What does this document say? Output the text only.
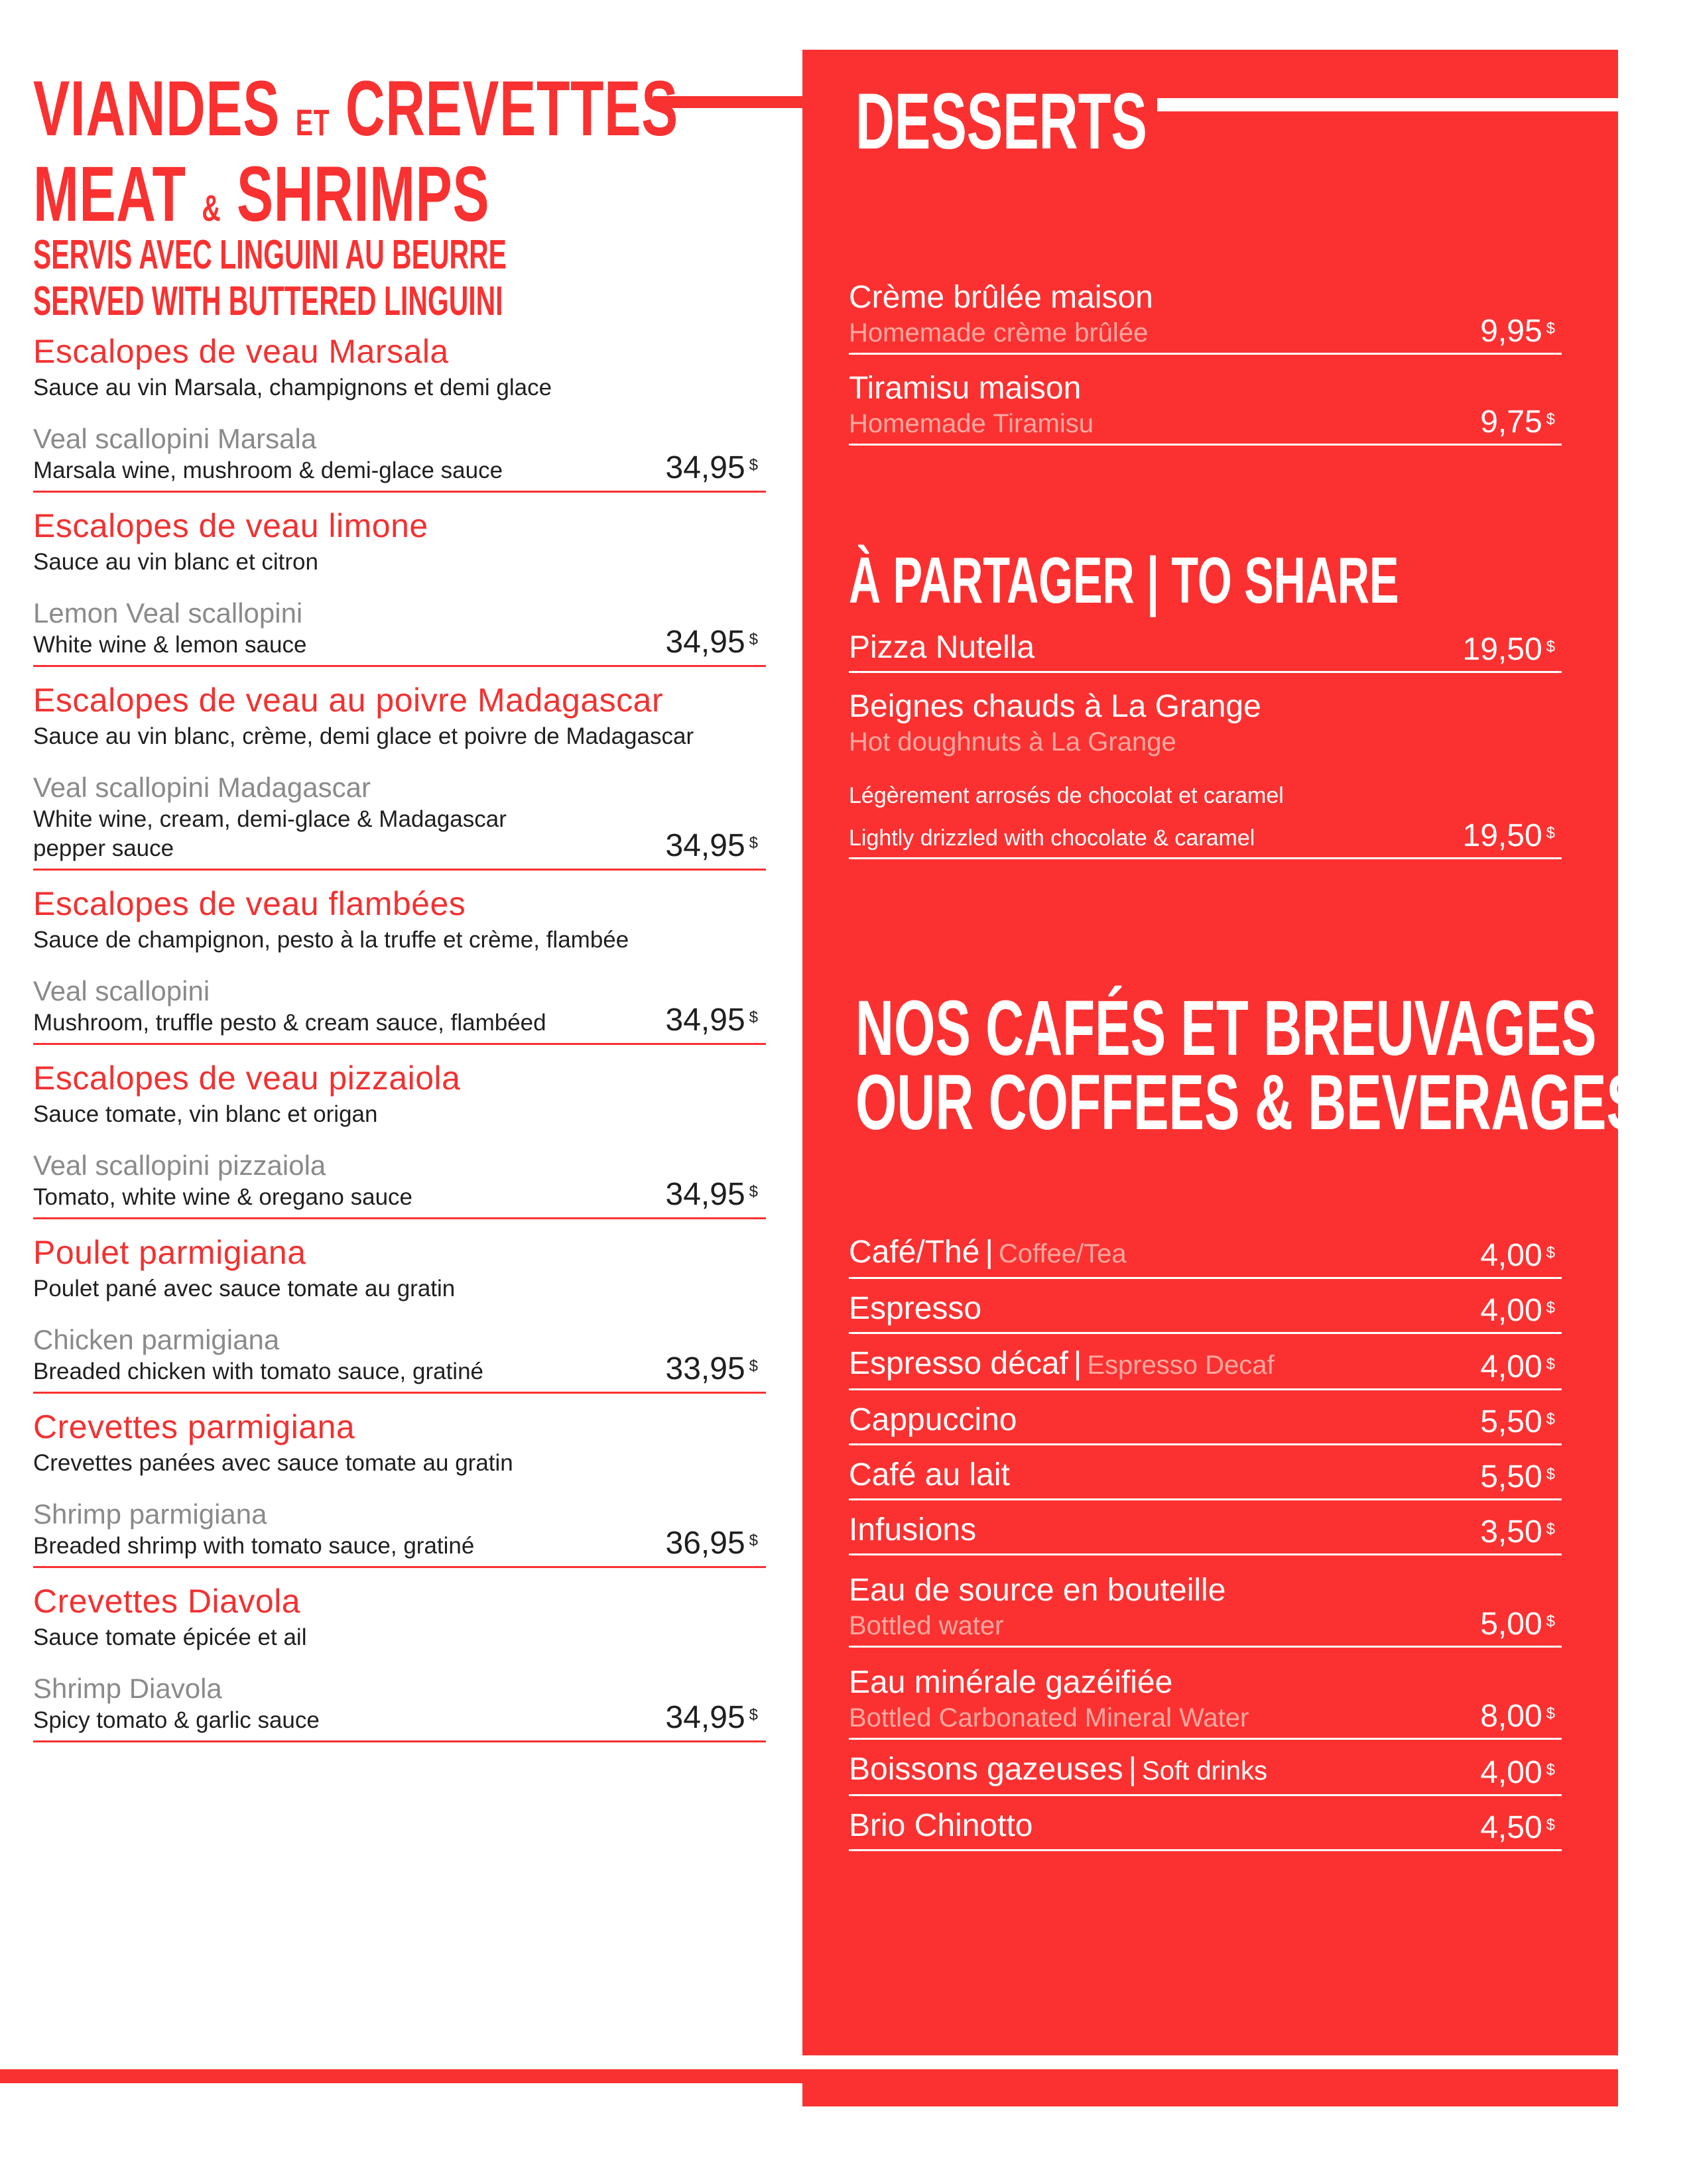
VIANDES ET CREVETTES
MEAT & SHRIMPS

SERVIS AVEC LINGUINI AU BEURRE

SERVED WITH BUTTERED LINGUINI

Escalopes de veau Marsala
Sauce au vin Marsala, champignons et demi glace
Veal scallopini Marsala
Marsala wine, mushroom & demi-glace sauce	34,95 $
Escalopes de veau limone
Sauce au vin blanc et citron
Lemon Veal scallopini
White wine & lemon sauce	34,95 $
Escalopes de veau au poivre Madagascar
Sauce au vin blanc, crème, demi glace et poivre de Madagascar
Veal scallopini Madagascar
White wine, cream, demi-glace & Madagascar pepper sauce	34,95 $
Escalopes de veau flambées
Sauce de champignon, pesto à la truffe et crème, flambée
Veal scallopini
Mushroom, truffle pesto & cream sauce, flambéed	34,95 $
Escalopes de veau pizzaiola
Sauce tomate, vin blanc et origan
Veal scallopini pizzaiola
Tomato, white wine & oregano sauce	34,95 $
Poulet parmigiana
Poulet pané avec sauce tomate au gratin
Chicken parmigiana
Breaded chicken with tomato sauce, gratiné	33,95 $
Crevettes parmigiana
Crevettes panées avec sauce tomate au gratin
Shrimp parmigiana
Breaded shrimp with tomato sauce, gratiné	36,95 $
Crevettes Diavola
Sauce tomate épicée et ail
Shrimp Diavola
Spicy tomato & garlic sauce	34,95 $
DESSERTS
Crème brûlée maison
Homemade crème brûlée	9,95 $
Tiramisu maison
Homemade Tiramisu	9,75 $
À PARTAGER | TO SHARE
Pizza Nutella	19,50 $
Beignes chauds à La Grange
Hot doughnuts à La Grange
Légèrement arrosés de chocolat et caramel
Lightly drizzled with chocolate & caramel	19,50 $
NOS CAFÉS ET BREUVAGES
OUR COFFEES & BEVERAGES
Café/Thé | Coffee/Tea	4,00 $
Espresso	4,00 $
Espresso décaf | Espresso Decaf	4,00 $
Cappuccino	5,50 $
Café au lait	5,50 $
Infusions	3,50 $
Eau de source en bouteille
Bottled water	5,00 $
Eau minérale gazéifiée
Bottled Carbonated Mineral Water	8,00 $
Boissons gazeuses | Soft drinks	4,00 $
Brio Chinotto	4,50 $
